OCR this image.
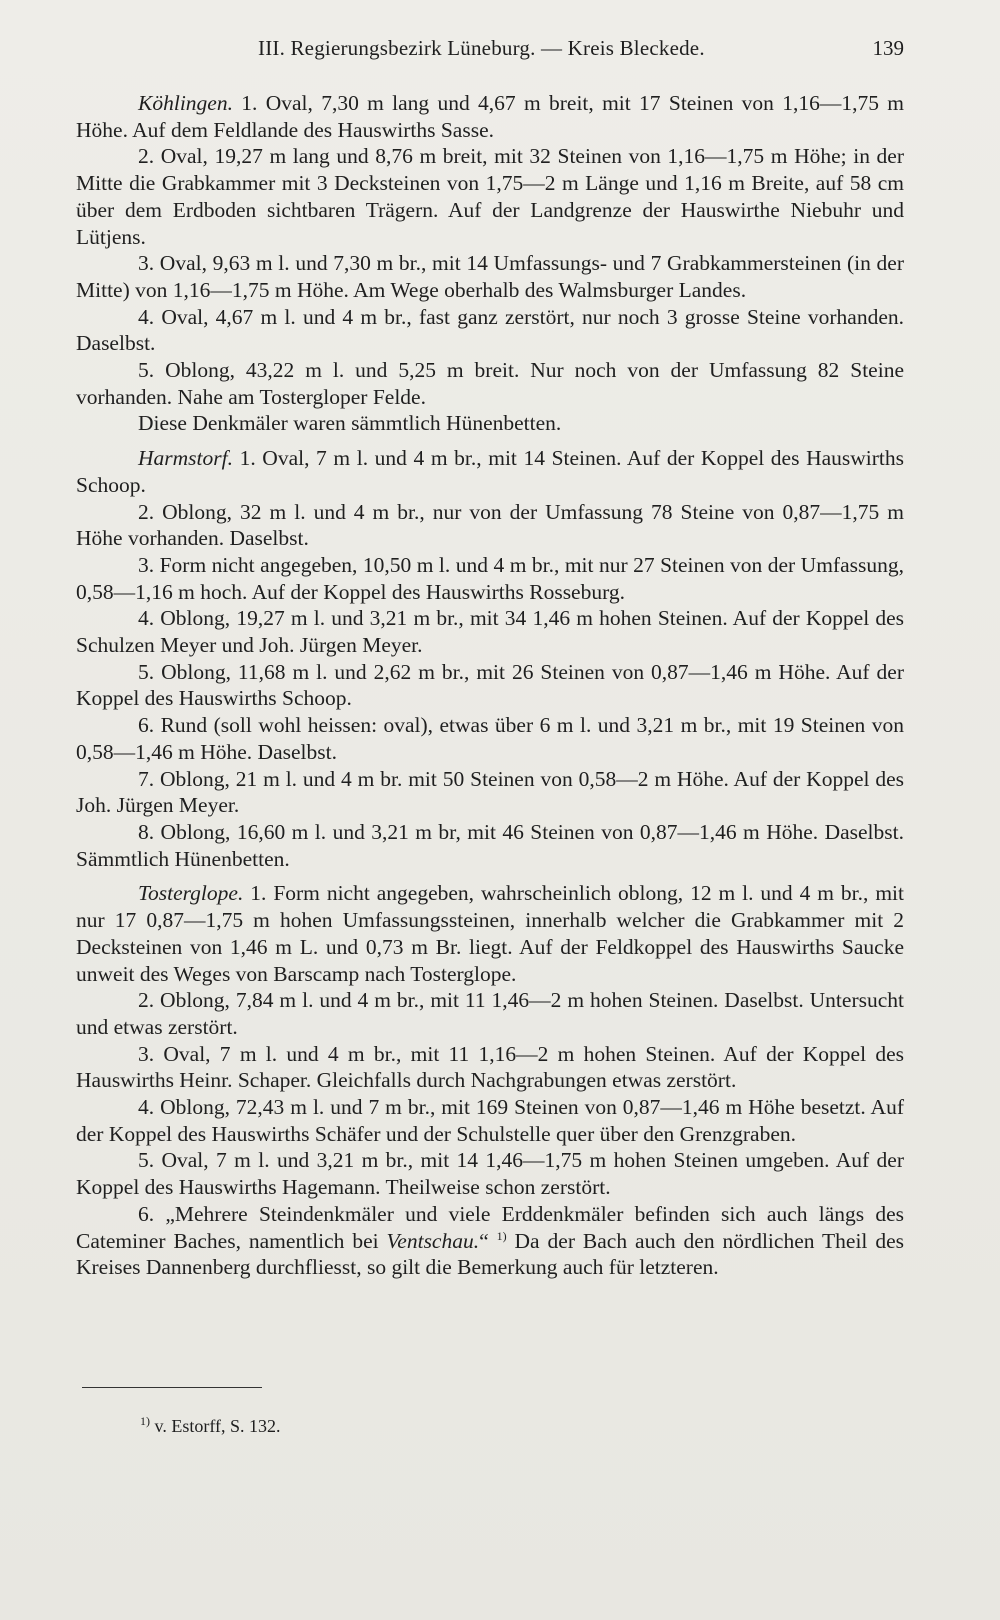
III. Regierungsbezirk Lüneburg. — Kreis Bleckede.	139

Köhlingen. 1. Oval, 7,30 m lang und 4,67 m breit, mit 17 Steinen von 1,16—1,75 m Höhe. Auf dem Feldlande des Hauswirths Sasse.

2. Oval, 19,27 m lang und 8,76 m breit, mit 32 Steinen von 1,16—1,75 m Höhe; in der Mitte die Grabkammer mit 3 Decksteinen von 1,75—2 m Länge und 1,16 m Breite, auf 58 cm über dem Erdboden sichtbaren Trägern. Auf der Landgrenze der Hauswirthe Niebuhr und Lütjens.

3. Oval, 9,63 m l. und 7,30 m br., mit 14 Umfassungs- und 7 Grabkammersteinen (in der Mitte) von 1,16—1,75 m Höhe. Am Wege oberhalb des Walmsburger Landes.

4. Oval, 4,67 m l. und 4 m br., fast ganz zerstört, nur noch 3 grosse Steine vorhanden. Daselbst.

5. Oblong, 43,22 m l. und 5,25 m breit. Nur noch von der Umfassung 82 Steine vorhanden. Nahe am Tostergloper Felde.

Diese Denkmäler waren sämmtlich Hünenbetten.

Harmstorf. 1. Oval, 7 m l. und 4 m br., mit 14 Steinen. Auf der Koppel des Hauswirths Schoop.

2. Oblong, 32 m l. und 4 m br., nur von der Umfassung 78 Steine von 0,87—1,75 m Höhe vorhanden. Daselbst.

3. Form nicht angegeben, 10,50 m l. und 4 m br., mit nur 27 Steinen von der Umfassung, 0,58—1,16 m hoch. Auf der Koppel des Hauswirths Rosseburg.

4. Oblong, 19,27 m l. und 3,21 m br., mit 34 1,46 m hohen Steinen. Auf der Koppel des Schulzen Meyer und Joh. Jürgen Meyer.

5. Oblong, 11,68 m l. und 2,62 m br., mit 26 Steinen von 0,87—1,46 m Höhe. Auf der Koppel des Hauswirths Schoop.

6. Rund (soll wohl heissen: oval), etwas über 6 m l. und 3,21 m br., mit 19 Steinen von 0,58—1,46 m Höhe. Daselbst.

7. Oblong, 21 m l. und 4 m br. mit 50 Steinen von 0,58—2 m Höhe. Auf der Koppel des Joh. Jürgen Meyer.

8. Oblong, 16,60 m l. und 3,21 m br, mit 46 Steinen von 0,87—1,46 m Höhe. Daselbst. Sämmtlich Hünenbetten.

Tosterglope. 1. Form nicht angegeben, wahrscheinlich oblong, 12 m l. und 4 m br., mit nur 17 0,87—1,75 m hohen Umfassungssteinen, innerhalb welcher die Grabkammer mit 2 Decksteinen von 1,46 m L. und 0,73 m Br. liegt. Auf der Feldkoppel des Hauswirths Saucke unweit des Weges von Barscamp nach Tosterglope.

2. Oblong, 7,84 m l. und 4 m br., mit 11 1,46—2 m hohen Steinen. Daselbst. Untersucht und etwas zerstört.

3. Oval, 7 m l. und 4 m br., mit 11 1,16—2 m hohen Steinen. Auf der Koppel des Hauswirths Heinr. Schaper. Gleichfalls durch Nachgrabungen etwas zerstört.

4. Oblong, 72,43 m l. und 7 m br., mit 169 Steinen von 0,87—1,46 m Höhe besetzt. Auf der Koppel des Hauswirths Schäfer und der Schulstelle quer über den Grenzgraben.

5. Oval, 7 m l. und 3,21 m br., mit 14 1,46—1,75 m hohen Steinen umgeben. Auf der Koppel des Hauswirths Hagemann. Theilweise schon zerstört.

6. „Mehrere Steindenkmäler und viele Erddenkmäler befinden sich auch längs des Cateminer Baches, namentlich bei Ventschau.“ $^{1)}$ Da der Bach auch den nördlichen Theil des Kreises Dannenberg durchfliesst, so gilt die Bemerkung auch für letzteren.

$^{1)}$ v. Estorff, S. 132.
